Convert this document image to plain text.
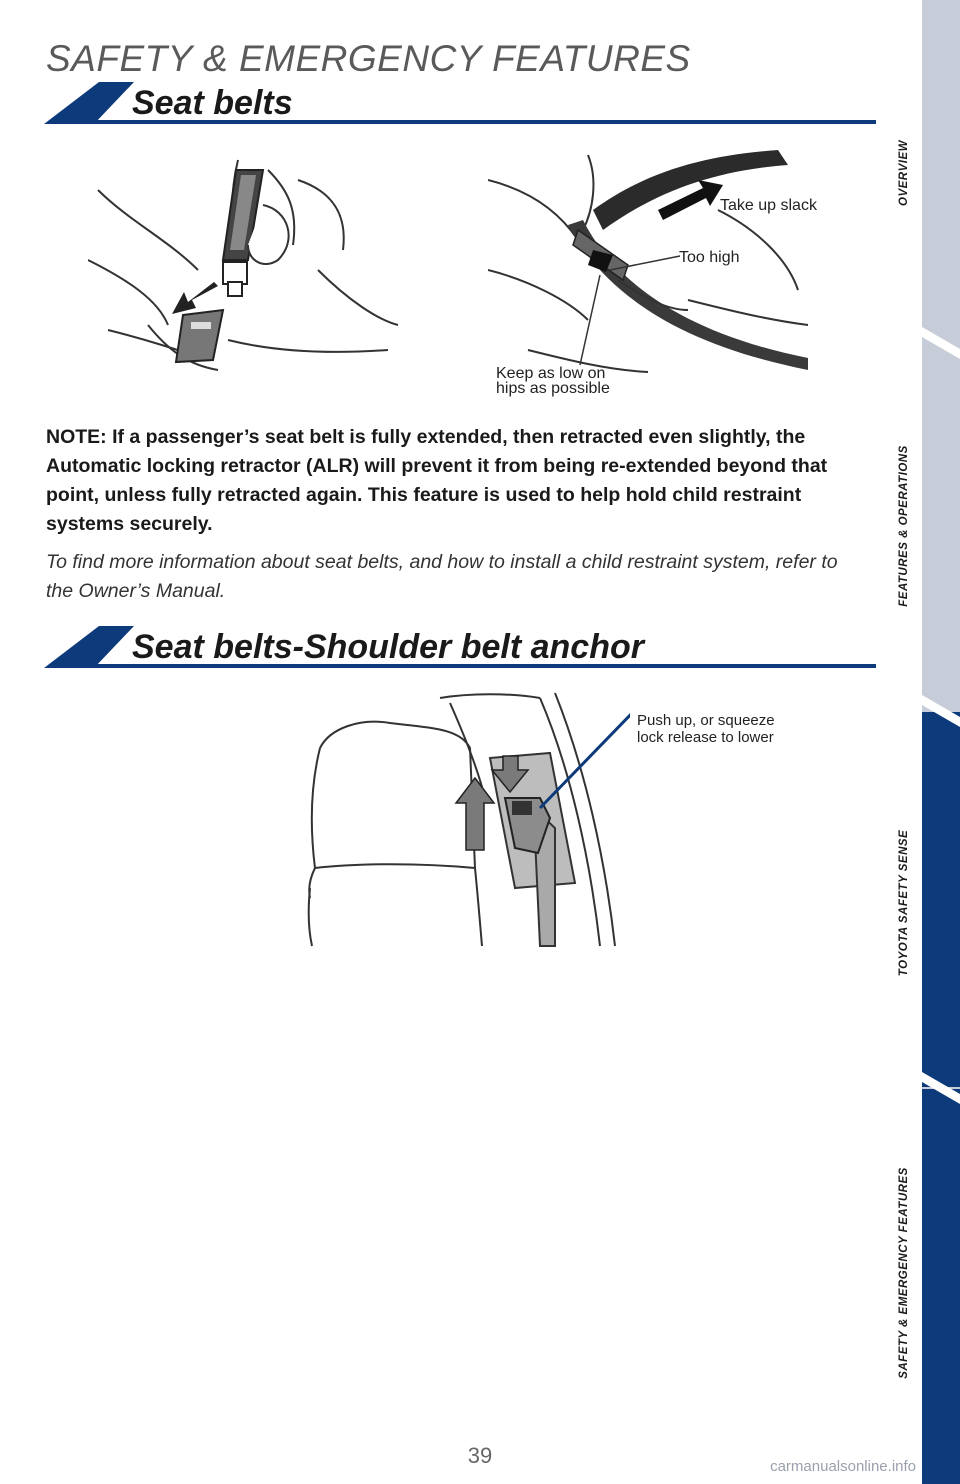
SAFETY & EMERGENCY FEATURES
Seat belts
Take up slack
Too high
Keep as low on
hips as possible
NOTE: If a passenger’s seat belt is fully extended, then retracted even slightly, the Automatic locking retractor (ALR) will prevent it from being re-extended beyond that point, unless fully retracted again. This feature is used to help hold child restraint systems securely.
To find more information about seat belts, and how to install a child restraint system, refer to the Owner’s Manual.
Seat belts-Shoulder belt anchor
Push up, or squeeze
lock release to lower
OVERVIEW
FEATURES & OPERATIONS
TOYOTA SAFETY SENSE
SAFETY & EMERGENCY FEATURES
39	carmanualsonline.info
